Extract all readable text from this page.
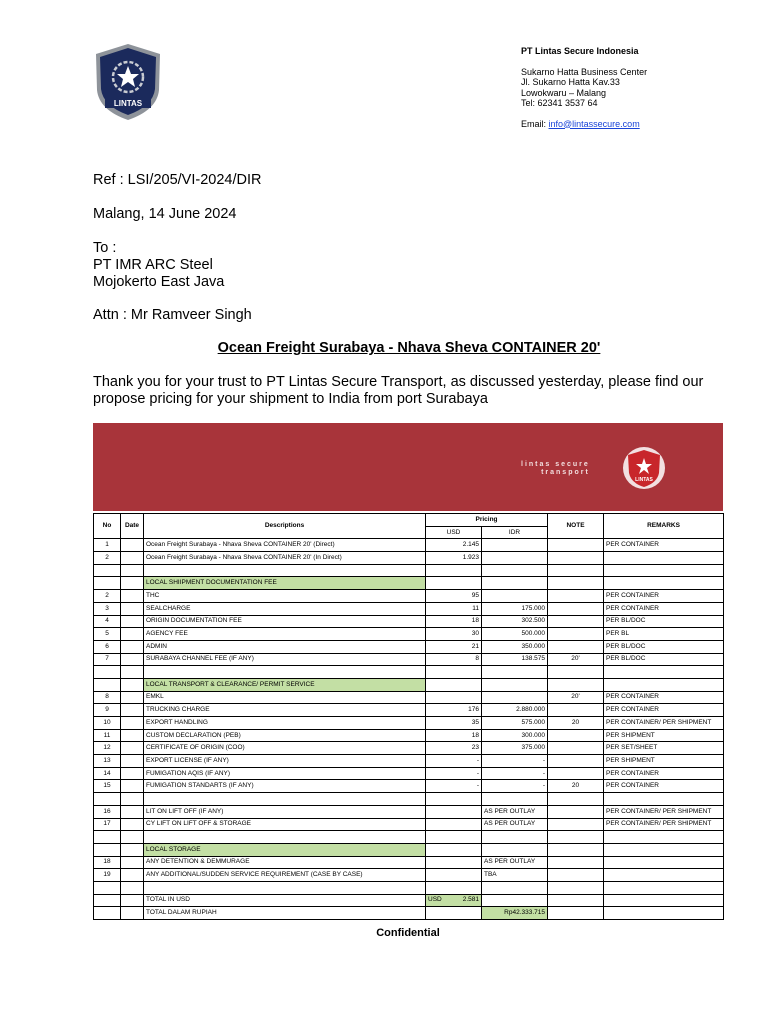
LINTAS
PT Lintas Secure Indonesia
Sukarno Hatta Business Center
Jl. Sukarno Hatta Kav.33
Lowokwaru – Malang
Tel: 62341 3537 64
Email: info@lintassecure.com
Ref : LSI/205/VI-2024/DIR
Malang, 14 June 2024
To :
PT IMR ARC Steel
Mojokerto East Java
Attn : Mr Ramveer Singh
Ocean Freight Surabaya - Nhava Sheva CONTAINER 20'
Thank you for your trust to PT Lintas Secure Transport, as discussed yesterday, please find our propose pricing for your shipment to India from port Surabaya
lintas secure
transport
LINTAS
No	Date	Descriptions	Pricing		NOTE	REMARKS
			USD	IDR		
1		Ocean Freight Surabaya - Nhava Sheva CONTAINER 20' (Direct)	2.145			PER CONTAINER
2		Ocean Freight Surabaya - Nhava Sheva CONTAINER 20' (In Direct)	1.923			

		LOCAL SHIIPMENT DOCUMENTATION FEE				
2		THC	95			PER CONTAINER
3		SEALCHARGE	11	175.000		PER CONTAINER
4		ORIGIN DOCUMENTATION FEE	18	302.500		PER BL/DOC
5		AGENCY FEE	30	500.000		PER BL
6		ADMIN	21	350.000		PER BL/DOC
7		SURABAYA CHANNEL FEE (IF ANY)	8	138.575	20'	PER BL/DOC

		LOCAL TRANSPORT & CLEARANCE/ PERMIT SERVICE				
8		EMKL			20'	PER CONTAINER
9		TRUCKING CHARGE	176	2.880.000		PER CONTAINER
10		EXPORT HANDLING	35	575.000	20	PER CONTAINER/ PER SHIPMENT
11		CUSTOM DECLARATION (PEB)	18	300.000		PER SHIPMENT
12		CERTIFICATE OF ORIGIN (COO)	23	375.000		PER SET/SHEET
13		EXPORT LICENSE (IF ANY)	-	-		PER SHIPMENT
14		FUMIGATION AQIS (IF ANY)	-	-		PER CONTAINER
15		FUMIGATION STANDARTS (IF ANY)	-	-	20	PER CONTAINER

16		LIT ON LIFT OFF (IF ANY)		AS PER OUTLAY		PER CONTAINER/ PER SHIPMENT
17		CY LIFT ON LIFT OFF & STORAGE		AS PER OUTLAY		PER CONTAINER/ PER SHIPMENT

		LOCAL STORAGE				
18		ANY DETENTION & DEMMURAGE		AS PER OUTLAY		
19		ANY ADDITIONAL/SUDDEN SERVICE REQUIREMENT (CASE BY CASE)		TBA		

		TOTAL IN USD	USD 2.581			

		TOTAL DALAM RUPIAH		Rp42.333.715		
Confidential
